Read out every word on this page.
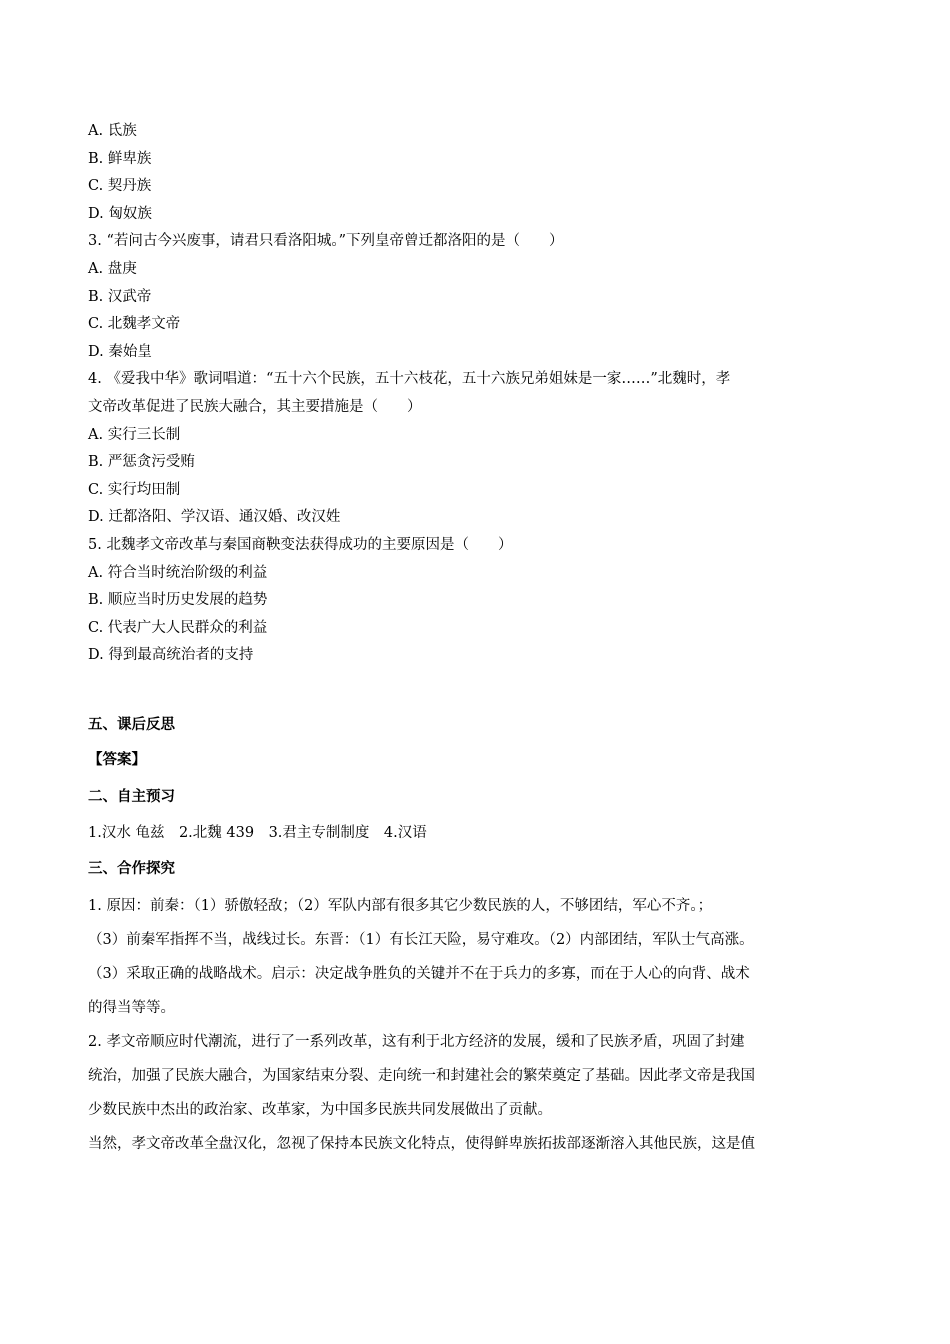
A. 氐族
B. 鲜卑族
C. 契丹族
D. 匈奴族
3. “若问古今兴废事，请君只看洛阳城。”下列皇帝曾迁都洛阳的是（　　）
A. 盘庚
B. 汉武帝
C. 北魏孝文帝
D. 秦始皇
4. 《爱我中华》歌词唱道：“五十六个民族，五十六枝花，五十六族兄弟姐妹是一家……”北魏时，孝
文帝改革促进了民族大融合，其主要措施是（　　）
A. 实行三长制
B. 严惩贪污受贿
C. 实行均田制
D. 迁都洛阳、学汉语、通汉婚、改汉姓
5. 北魏孝文帝改革与秦国商鞅变法获得成功的主要原因是（　　）
A. 符合当时统治阶级的利益
B. 顺应当时历史发展的趋势
C. 代表广大人民群众的利益
D. 得到最高统治者的支持
五、课后反思
【答案】
二、自主预习
1.汉水 龟兹　2.北魏 439　3.君主专制制度　4.汉语
三、合作探究
1. 原因：前秦：（1）骄傲轻敌；（2）军队内部有很多其它少数民族的人，不够团结，军心不齐。；
（3）前秦军指挥不当，战线过长。东晋：（1）有长江天险，易守难攻。（2）内部团结，军队士气高涨。
（3）采取正确的战略战术。启示：决定战争胜负的关键并不在于兵力的多寡，而在于人心的向背、战术
的得当等等。
2. 孝文帝顺应时代潮流，进行了一系列改革，这有利于北方经济的发展，缓和了民族矛盾，巩固了封建
统治，加强了民族大融合，为国家结束分裂、走向统一和封建社会的繁荣奠定了基础。因此孝文帝是我国
少数民族中杰出的政治家、改革家，为中国多民族共同发展做出了贡献。
当然，孝文帝改革全盘汉化，忽视了保持本民族文化特点，使得鲜卑族拓拔部逐渐溶入其他民族，这是值
